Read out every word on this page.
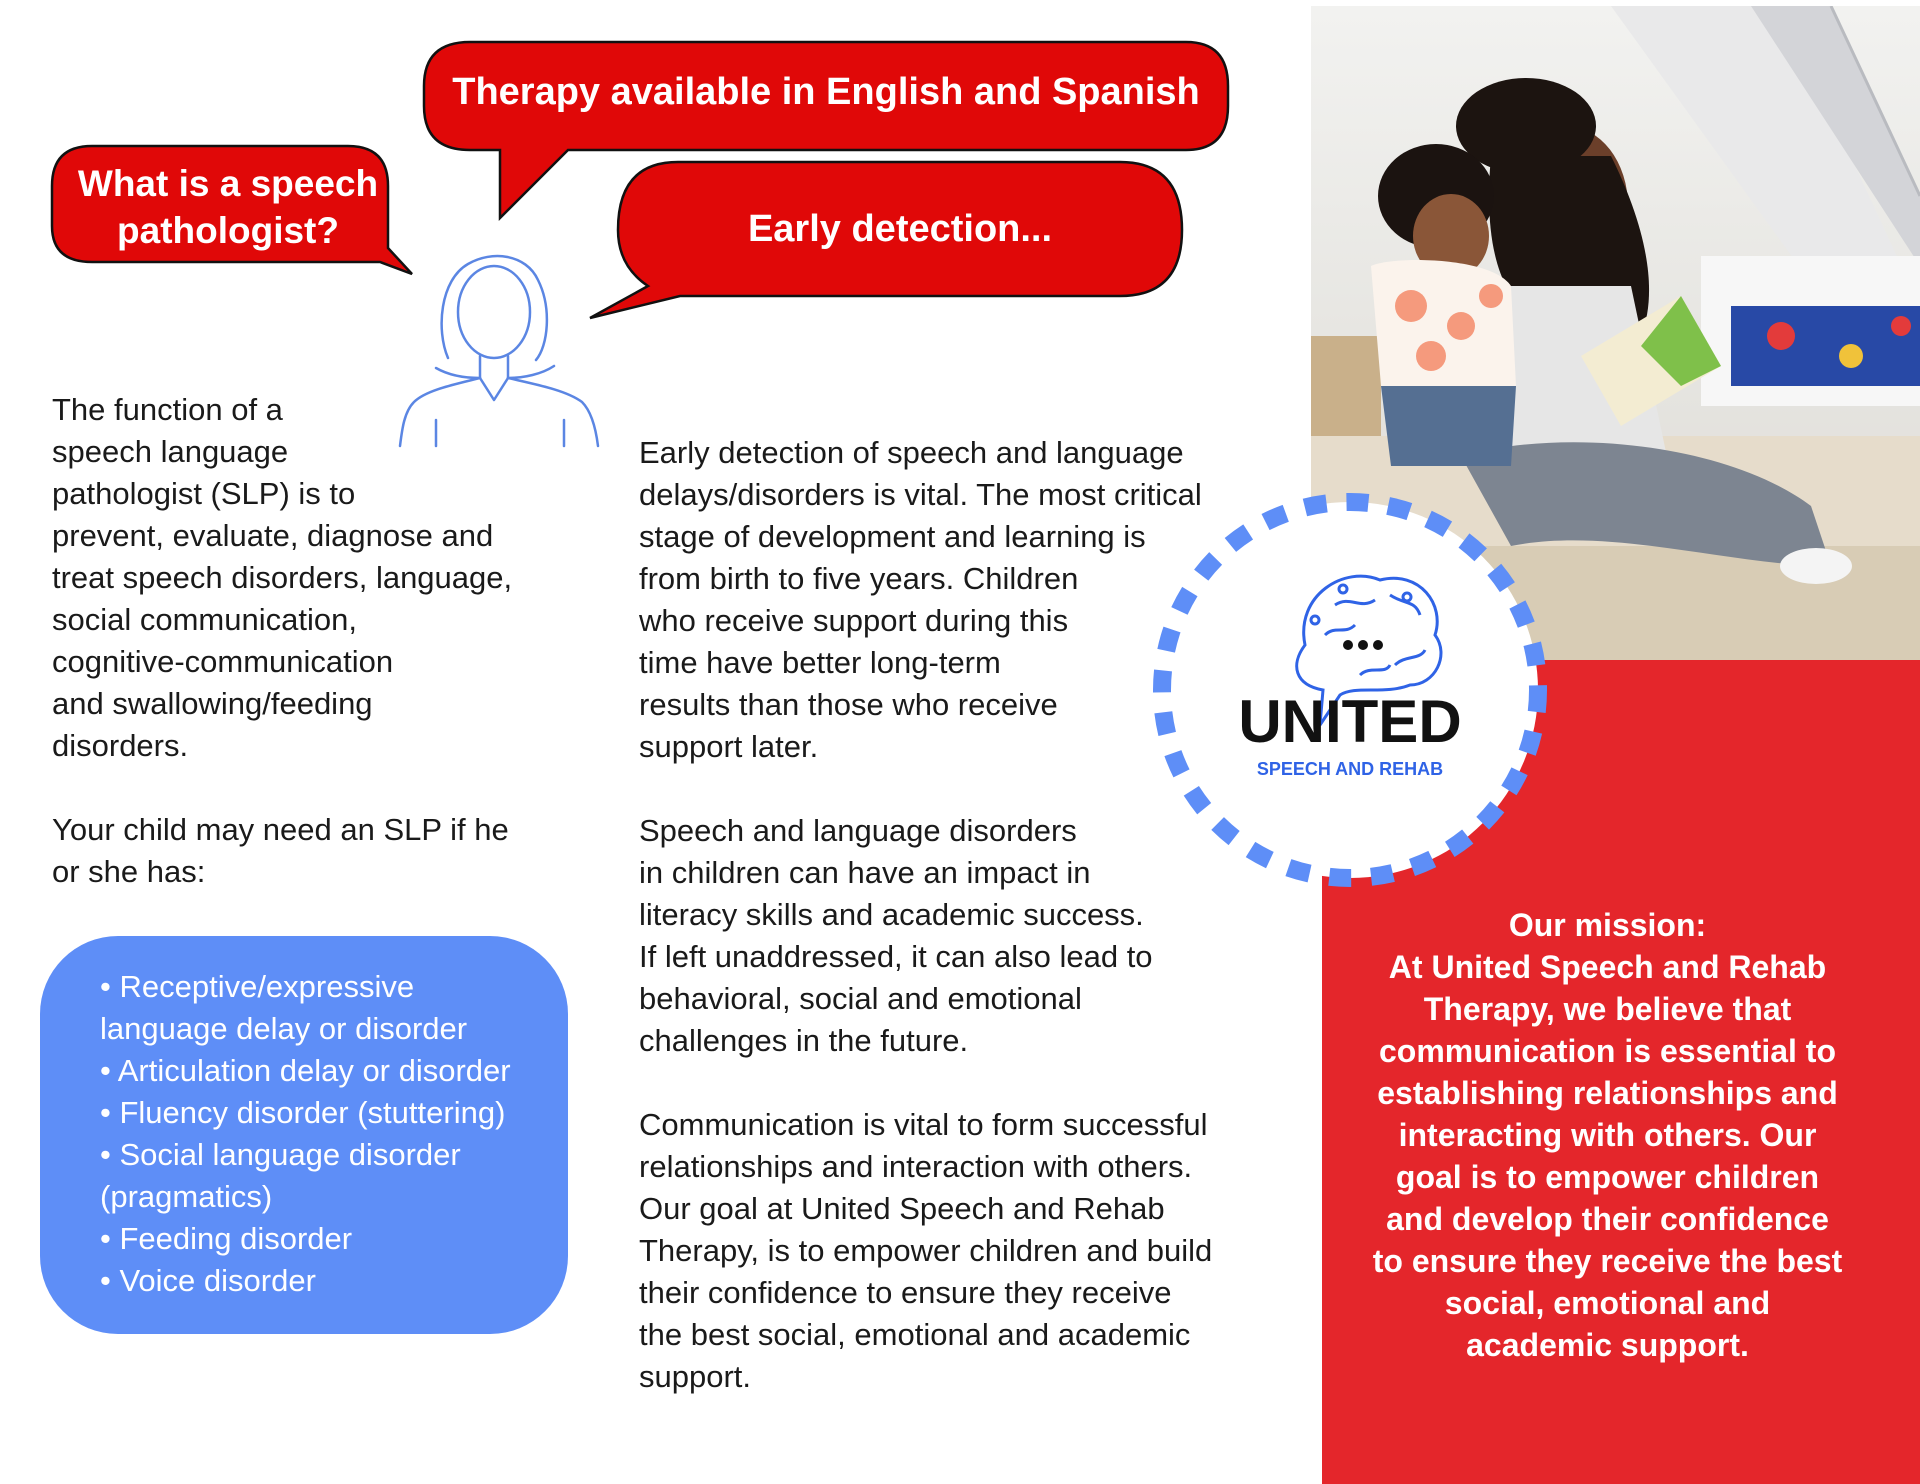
What is a speech pathologist?
Therapy available in English and Spanish
Early detection...

The function of a

speech language

pathologist (SLP) is to

prevent, evaluate, diagnose and

treat speech disorders, language,

social communication,

cognitive-communication

and swallowing/feeding

disorders.

Your child may need an SLP if he

or she has:

• Receptive/expressive
language delay or disorder
• Articulation delay or disorder
• Fluency disorder (stuttering)
• Social language disorder
(pragmatics)
• Feeding disorder
• Voice disorder

Early detection of speech and language

delays/disorders is vital. The most critical

stage of development and learning is

from birth to five years. Children

who receive support during this

time have better long-term

results than those who receive

support later.

Speech and language disorders

in children can have an impact in

literacy skills and academic success.

If left unaddressed, it can also lead to

behavioral, social and emotional

challenges in the future.

Communication is vital to form successful

relationships and interaction with others.

Our goal at United Speech and Rehab

Therapy, is to empower children and build

their confidence to ensure they receive

the best social, emotional and academic

support.

UNITED
SPEECH AND REHAB

Our mission:

At United Speech and Rehab

Therapy, we believe that

communication is essential to

establishing relationships and

interacting with others. Our

goal is to empower children

and develop their confidence

to ensure they receive the best

social, emotional and

academic support.
